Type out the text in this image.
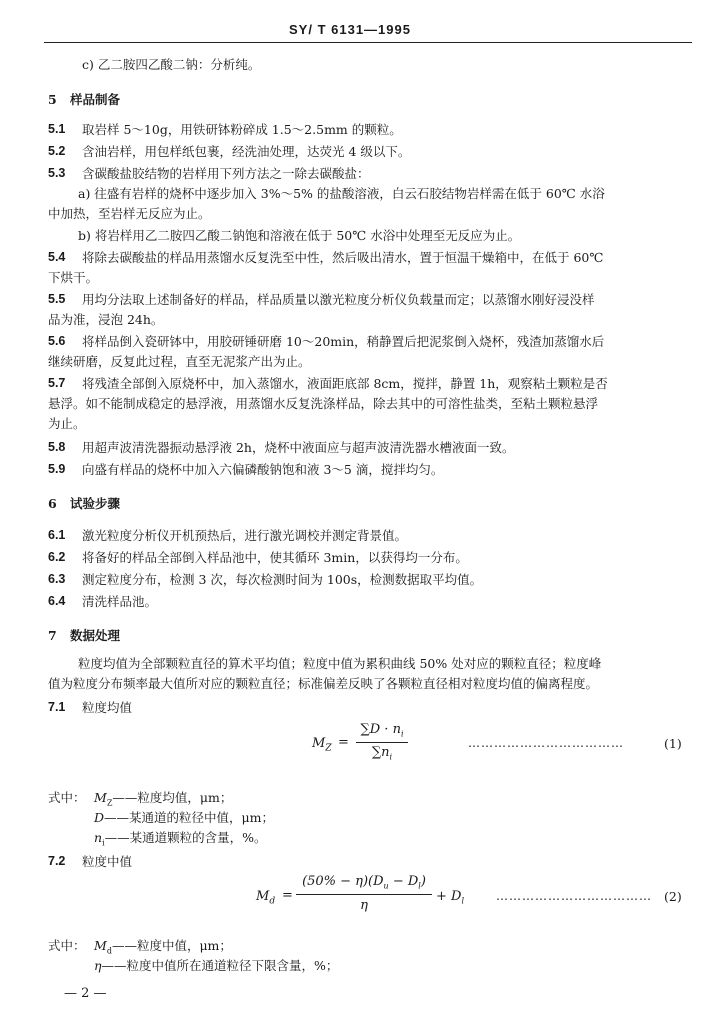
SY/ T 6131—1995
c) 乙二胺四乙酸二钠：分析纯。
5 样品制备
5.1 取岩样 5～10g，用铁研钵粉碎成 1.5～2.5mm 的颗粒。
5.2 含油岩样，用包样纸包裹，经洗油处理，达荧光 4 级以下。
5.3 含碳酸盐胶结物的岩样用下列方法之一除去碳酸盐：
a) 往盛有岩样的烧杯中逐步加入 3%～5% 的盐酸溶液，白云石胶结物岩样需在低于 60℃ 水浴
中加热，至岩样无反应为止。
b) 将岩样用乙二胺四乙酸二钠饱和溶液在低于 50℃ 水浴中处理至无反应为止。
5.4 将除去碳酸盐的样品用蒸馏水反复洗至中性，然后吸出清水，置于恒温干燥箱中，在低于 60℃
下烘干。
5.5 用均分法取上述制备好的样品，样品质量以激光粒度分析仪负载量而定；以蒸馏水刚好浸没样
品为准，浸泡 24h。
5.6 将样品倒入瓷研钵中，用胶研锤研磨 10～20min，稍静置后把泥浆倒入烧杯，残渣加蒸馏水后
继续研磨，反复此过程，直至无泥浆产出为止。
5.7 将残渣全部倒入原烧杯中，加入蒸馏水，液面距底部 8cm，搅拌，静置 1h，观察粘土颗粒是否
悬浮。如不能制成稳定的悬浮液，用蒸馏水反复洗涤样品，除去其中的可溶性盐类，至粘土颗粒悬浮
为止。
5.8 用超声波清洗器振动悬浮液 2h，烧杯中液面应与超声波清洗器水槽液面一致。
5.9 向盛有样品的烧杯中加入六偏磷酸钠饱和液 3～5 滴，搅拌均匀。
6 试验步骤
6.1 激光粒度分析仪开机预热后，进行激光调校并测定背景值。
6.2 将备好的样品全部倒入样品池中，使其循环 3min，以获得均一分布。
6.3 测定粒度分布，检测 3 次，每次检测时间为 100s，检测数据取平均值。
6.4 清洗样品池。
7 数据处理
粒度均值为全部颗粒直径的算术平均值；粒度中值为累积曲线 50% 处对应的颗粒直径；粒度峰
值为粒度分布频率最大值所对应的颗粒直径；标准偏差反映了各颗粒直径相对粒度均值的偏离程度。
7.1 粒度均值
$M_Z$ =
$\sum D \cdot n_i$
$\sum n_i$
………………………………	(1)
式中： $M_Z——$粒度均值，μm；
D——某通道的粒径中值，μm；
$n_i——$某通道颗粒的含量，%。
7.2 粒度中值
$M_d$ =
$(50\% - \eta)(D_u - D_l)$
η
+ $D_l$	……………………………… (2)
式中： $M_d——$粒度中值，μm；
η——粒度中值所在通道粒径下限含量，%；
— 2 —
